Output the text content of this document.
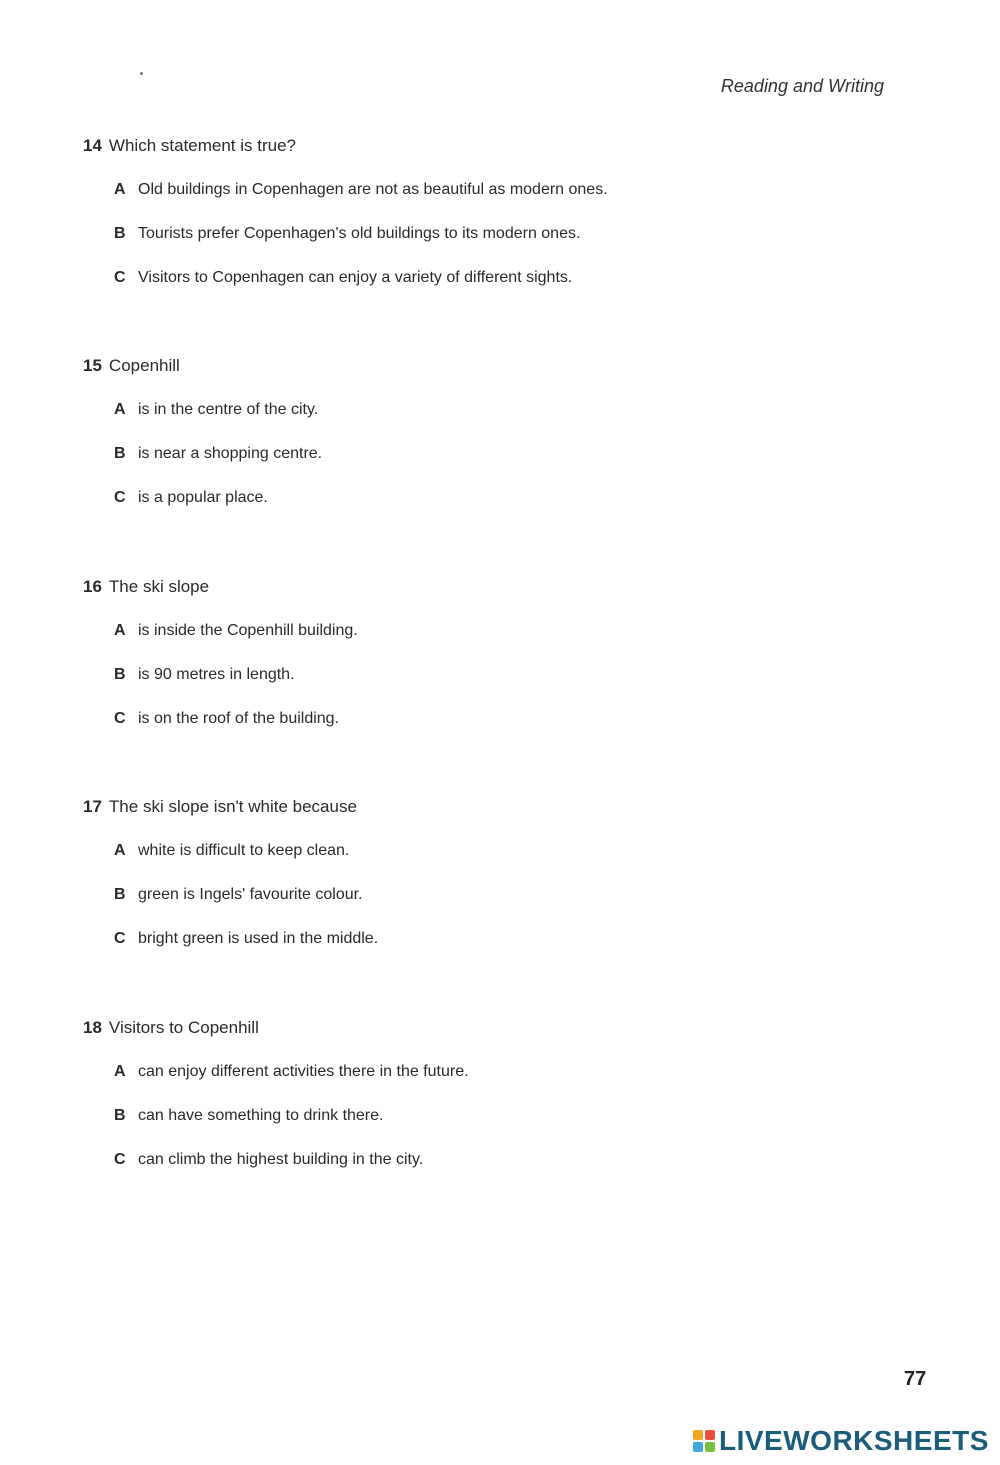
Reading and Writing
14 Which statement is true?
A Old buildings in Copenhagen are not as beautiful as modern ones.
B Tourists prefer Copenhagen's old buildings to its modern ones.
C Visitors to Copenhagen can enjoy a variety of different sights.
15 Copenhill
A is in the centre of the city.
B is near a shopping centre.
C is a popular place.
16 The ski slope
A is inside the Copenhill building.
B is 90 metres in length.
C is on the roof of the building.
17 The ski slope isn't white because
A white is difficult to keep clean.
B green is Ingels' favourite colour.
C bright green is used in the middle.
18 Visitors to Copenhill
A can enjoy different activities there in the future.
B can have something to drink there.
C can climb the highest building in the city.
77
LIVEWORKSHEETS
